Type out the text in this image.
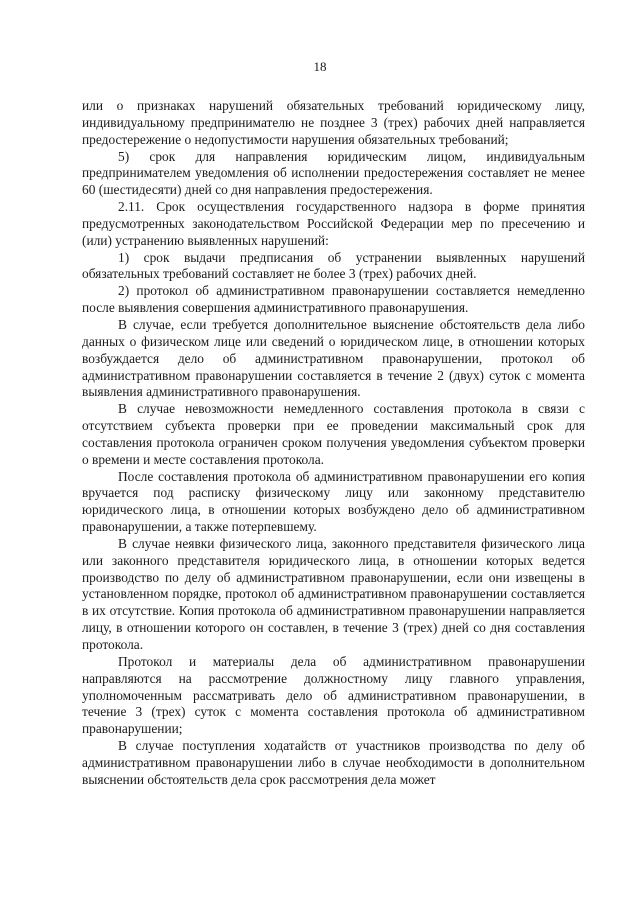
18

или о признаках нарушений обязательных требований юридическому лицу, индивидуальному предпринимателю не позднее 3 (трех) рабочих дней направляется предостережение о недопустимости нарушения обязательных требований;

5) срок для направления юридическим лицом, индивидуальным предпринимателем уведомления об исполнении предостережения составляет не менее 60 (шестидесяти) дней со дня направления предостережения.

2.11. Срок осуществления государственного надзора в форме принятия предусмотренных законодательством Российской Федерации мер по пресечению и (или) устранению выявленных нарушений:

1) срок выдачи предписания об устранении выявленных нарушений обязательных требований составляет не более 3 (трех) рабочих дней.

2) протокол об административном правонарушении составляется немедленно после выявления совершения административного правонарушения.

В случае, если требуется дополнительное выяснение обстоятельств дела либо данных о физическом лице или сведений о юридическом лице, в отношении которых возбуждается дело об административном правонарушении, протокол об административном правонарушении составляется в течение 2 (двух) суток с момента выявления административного правонарушения.

В случае невозможности немедленного составления протокола в связи с отсутствием субъекта проверки при ее проведении максимальный срок для составления протокола ограничен сроком получения уведомления субъектом проверки о времени и месте составления протокола.

После составления протокола об административном правонарушении его копия вручается под расписку физическому лицу или законному представителю юридического лица, в отношении которых возбуждено дело об административном правонарушении, а также потерпевшему.

В случае неявки физического лица, законного представителя физического лица или законного представителя юридического лица, в отношении которых ведется производство по делу об административном правонарушении, если они извещены в установленном порядке, протокол об административном правонарушении составляется в их отсутствие. Копия протокола об административном правонарушении направляется лицу, в отношении которого он составлен, в течение 3 (трех) дней со дня составления протокола.

Протокол и материалы дела об административном правонарушении направляются на рассмотрение должностному лицу главного управления, уполномоченным рассматривать дело об административном правонарушении, в течение 3 (трех) суток с момента составления протокола об административном правонарушении;

В случае поступления ходатайств от участников производства по делу об административном правонарушении либо в случае необходимости в дополнительном выяснении обстоятельств дела срок рассмотрения дела может
